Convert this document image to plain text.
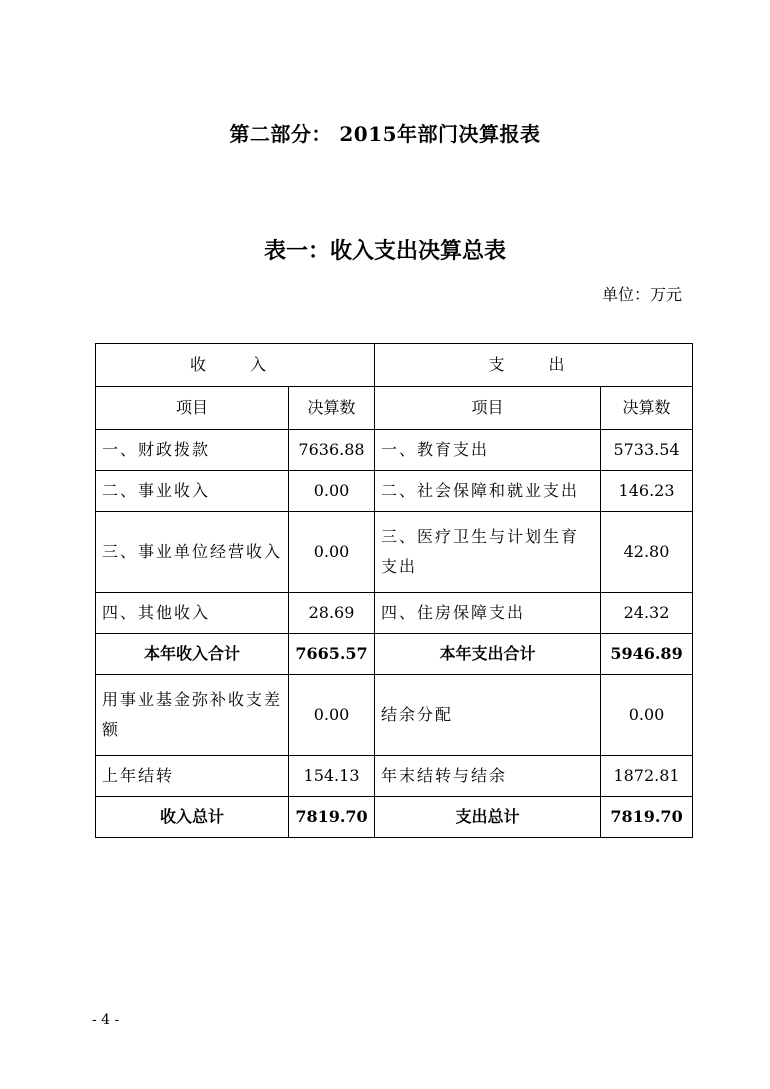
第二部分： 2015年部门决算报表
表一：收入支出决算总表
单位：万元
收　入		支　出	
项目	决算数	项目	决算数
一、财政拨款	7636.88	一、教育支出	5733.54
二、事业收入	0.00	二、社会保障和就业支出	146.23
三、事业单位经营收入	0.00	三、医疗卫生与计划生育支出	42.80
四、其他收入	28.69	四、住房保障支出	24.32
本年收入合计	7665.57	本年支出合计	5946.89
用事业基金弥补收支差额	0.00	结余分配	0.00
上年结转	154.13	年末结转与结余	1872.81
收入总计	7819.70	支出总计	7819.70
- 4 -
